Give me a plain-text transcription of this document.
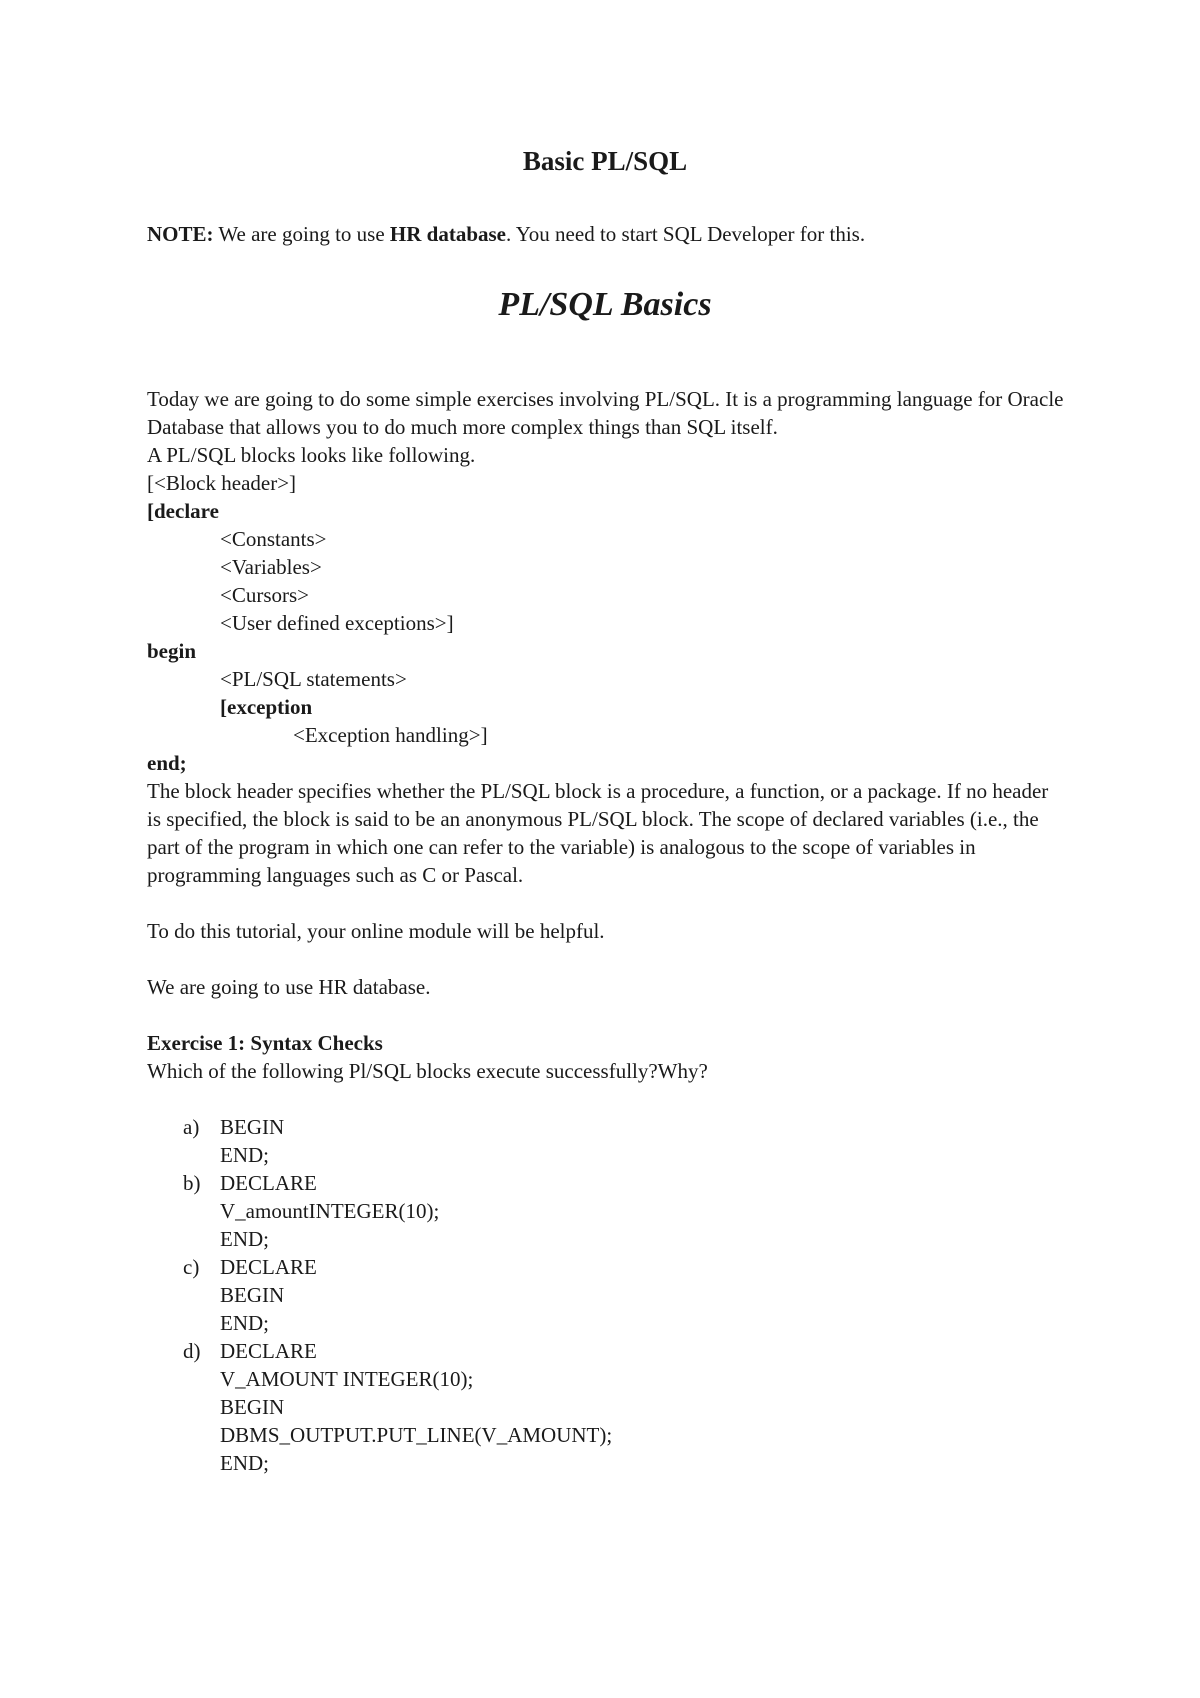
Basic PL/SQL

NOTE: We are going to use HR database. You need to start SQL Developer for this.

PL/SQL Basics

Today we are going to do some simple exercises involving PL/SQL. It is a programming language for Oracle Database that allows you to do much more complex things than SQL itself.

A PL/SQL blocks looks like following.

[<Block header>]

[declare

<Constants>

<Variables>

<Cursors>

<User defined exceptions>]

begin

<PL/SQL statements>

[exception

<Exception handling>]

end;

The block header specifies whether the PL/SQL block is a procedure, a function, or a package. If no header is specified, the block is said to be an anonymous PL/SQL block. The scope of declared variables (i.e., the part of the program in which one can refer to the variable) is analogous to the scope of variables in programming languages such as C or Pascal.

To do this tutorial, your online module will be helpful.

We are going to use HR database.

Exercise 1: Syntax Checks

Which of the following Pl/SQL blocks execute successfully?Why?

a) BEGIN

END;

b) DECLARE

V_amountINTEGER(10);

END;

c) DECLARE

BEGIN

END;

d) DECLARE

V_AMOUNT INTEGER(10);

BEGIN

DBMS_OUTPUT.PUT_LINE(V_AMOUNT);

END;
